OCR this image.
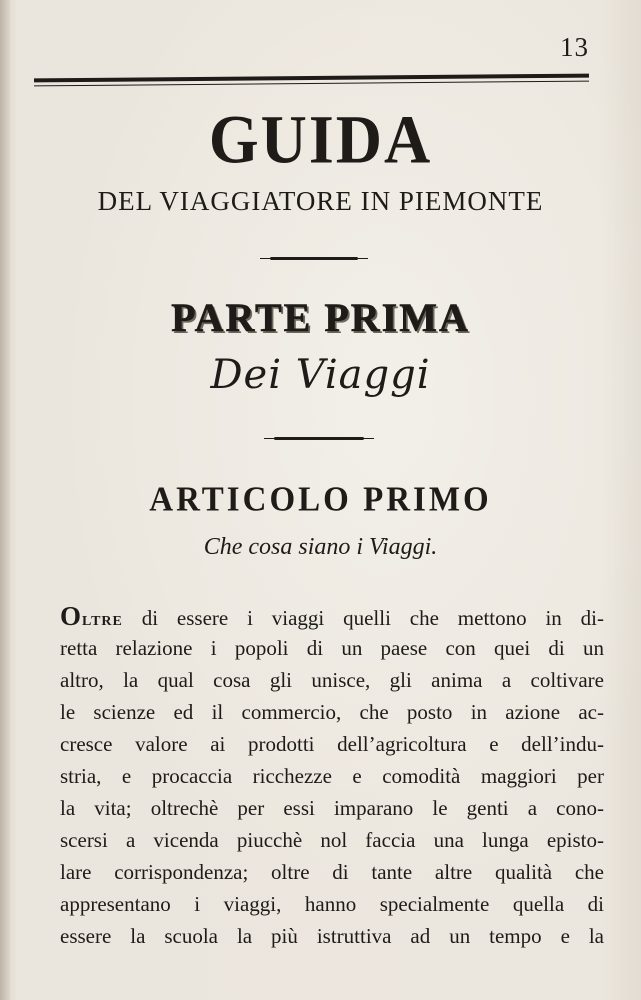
13
GUIDA
DEL VIAGGIATORE IN PIEMONTE
PARTE PRIMA
Dei Viaggi
ARTICOLO PRIMO
Che cosa siano i Viaggi.
OLTRE di essere i viaggi quelli che mettono in di-
retta relazione i popoli di un paese con quei di un
altro, la qual cosa gli unisce, gli anima a coltivare
le scienze ed il commercio, che posto in azione ac-
cresce valore ai prodotti dell’agricoltura e dell’indu-
stria, e procaccia ricchezze e comodità maggiori per
la vita; oltrechè per essi imparano le genti a cono-
scersi a vicenda piucchè nol faccia una lunga episto-
lare corrispondenza; oltre di tante altre qualità che
appresentano i viaggi, hanno specialmente quella di
essere la scuola la più istruttiva ad un tempo e la
